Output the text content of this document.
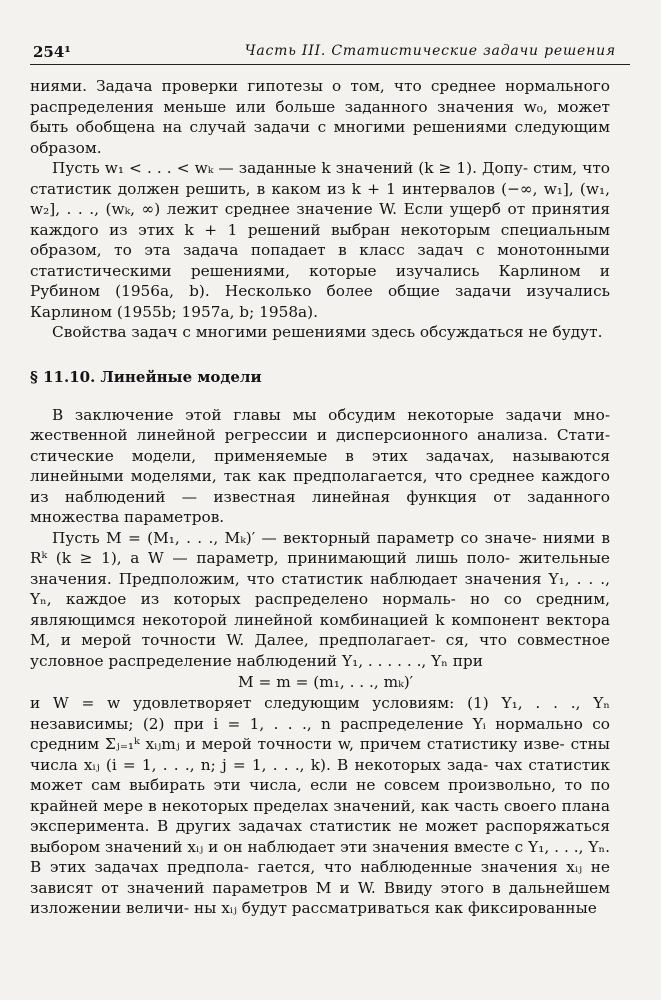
254¹	Часть III. Статистические задачи решения

ниями. Задача проверки гипотезы о том, что среднее нормального распределения меньше или больше заданного значения w₀, может быть обобщена на случай задачи с многими решениями следующим образом.

Пусть w₁ < . . . < wₖ — заданные k значений (k ≥ 1). Допу- стим, что статистик должен решить, в каком из k + 1 интервалов (−∞, w₁], (w₁, w₂], . . ., (wₖ, ∞) лежит среднее значение W. Если ущерб от принятия каждого из этих k + 1 решений выбран некоторым специальным образом, то эта задача попадает в класс задач с монотонными статистическими решениями, которые изучались Карлином и Рубином (1956a, b). Несколько более общие задачи изучались Карлином (1955b; 1957a, b; 1958a).

Свойства задач с многими решениями здесь обсуждаться не будут.

§ 11.10. Линейные модели

В заключение этой главы мы обсудим некоторые задачи мно- жественной линейной регрессии и дисперсионного анализа. Стати- стические модели, применяемые в этих задачах, называются линейными моделями, так как предполагается, что среднее каждого из наблюдений — известная линейная функция от заданного множества параметров.

Пусть M = (M₁, . . ., Mₖ)′ — векторный параметр со значе- ниями в Rᵏ (k ≥ 1), а W — параметр, принимающий лишь поло- жительные значения. Предположим, что статистик наблюдает значения Y₁, . . ., Yₙ, каждое из которых распределено нормаль- но со средним, являющимся некоторой линейной комбинацией k компонент вектора M, и мерой точности W. Далее, предполагает- ся, что совместное условное распределение наблюдений Y₁, . . . . . ., Yₙ при

M = m = (m₁, . . ., mₖ)′

и W = w удовлетворяет следующим условиям: (1) Y₁, . . ., Yₙ независимы; (2) при i = 1, . . ., n распределение Yᵢ нормально со средним Σⱼ₌₁ᵏ xᵢⱼmⱼ и мерой точности w, причем статистику изве- стны числа xᵢⱼ (i = 1, . . ., n; j = 1, . . ., k). В некоторых зада- чах статистик может сам выбирать эти числа, если не совсем произвольно, то по крайней мере в некоторых пределах значений, как часть своего плана эксперимента. В других задачах статистик не может распоряжаться выбором значений xᵢⱼ и он наблюдает эти значения вместе с Y₁, . . ., Yₙ. В этих задачах предпола- гается, что наблюденные значения xᵢⱼ не зависят от значений параметров M и W. Ввиду этого в дальнейшем изложении величи- ны xᵢⱼ будут рассматриваться как фиксированные
